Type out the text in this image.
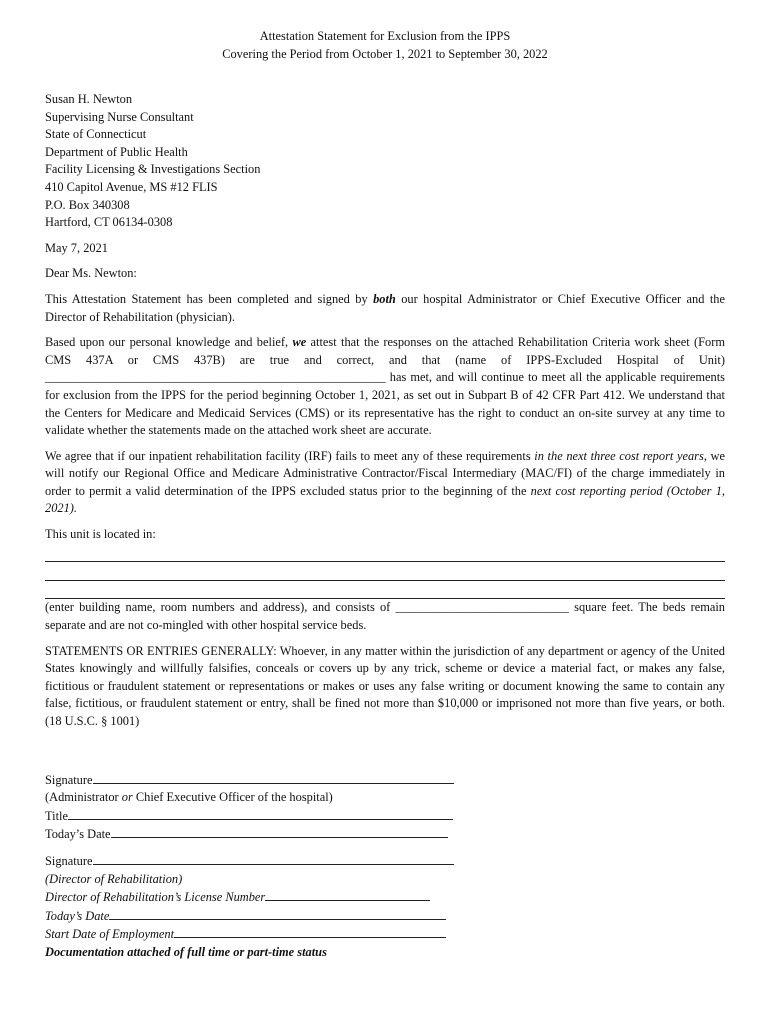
Attestation Statement for Exclusion from the IPPS
Covering the Period from October 1, 2021 to September 30, 2022
Susan H. Newton
Supervising Nurse Consultant
State of Connecticut
Department of Public Health
Facility Licensing & Investigations Section
410 Capitol Avenue, MS #12 FLIS
P.O. Box 340308
Hartford, CT 06134-0308
May 7, 2021
Dear Ms. Newton:
This Attestation Statement has been completed and signed by both our hospital Administrator or Chief Executive Officer and the Director of Rehabilitation (physician).
Based upon our personal knowledge and belief, we attest that the responses on the attached Rehabilitation Criteria work sheet (Form CMS 437A or CMS 437B) are true and correct, and that (name of IPPS-Excluded Hospital of Unit) _______________________________________________________ has met, and will continue to meet all the applicable requirements for exclusion from the IPPS for the period beginning October 1, 2021, as set out in Subpart B of 42 CFR Part 412. We understand that the Centers for Medicare and Medicaid Services (CMS) or its representative has the right to conduct an on-site survey at any time to validate whether the statements made on the attached work sheet are accurate.
We agree that if our inpatient rehabilitation facility (IRF) fails to meet any of these requirements in the next three cost report years, we will notify our Regional Office and Medicare Administrative Contractor/Fiscal Intermediary (MAC/FI) of the charge immediately in order to permit a valid determination of the IPPS excluded status prior to the beginning of the next cost reporting period (October 1, 2021).
This unit is located in:
(enter building name, room numbers and address), and consists of ____________________________ square feet. The beds remain separate and are not co-mingled with other hospital service beds.
STATEMENTS OR ENTRIES GENERALLY: Whoever, in any matter within the jurisdiction of any department or agency of the United States knowingly and willfully falsifies, conceals or covers up by any trick, scheme or device a material fact, or makes any false, fictitious or fraudulent statement or representations or makes or uses any false writing or document knowing the same to contain any false, fictitious, or fraudulent statement or entry, shall be fined not more than $10,000 or imprisoned not more than five years, or both. (18 U.S.C. § 1001)
Signature
(Administrator or Chief Executive Officer of the hospital)
Title
Today’s Date
Signature
(Director of Rehabilitation)
Director of Rehabilitation’s License Number
Today’s Date
Start Date of Employment
Documentation attached of full time or part-time status
